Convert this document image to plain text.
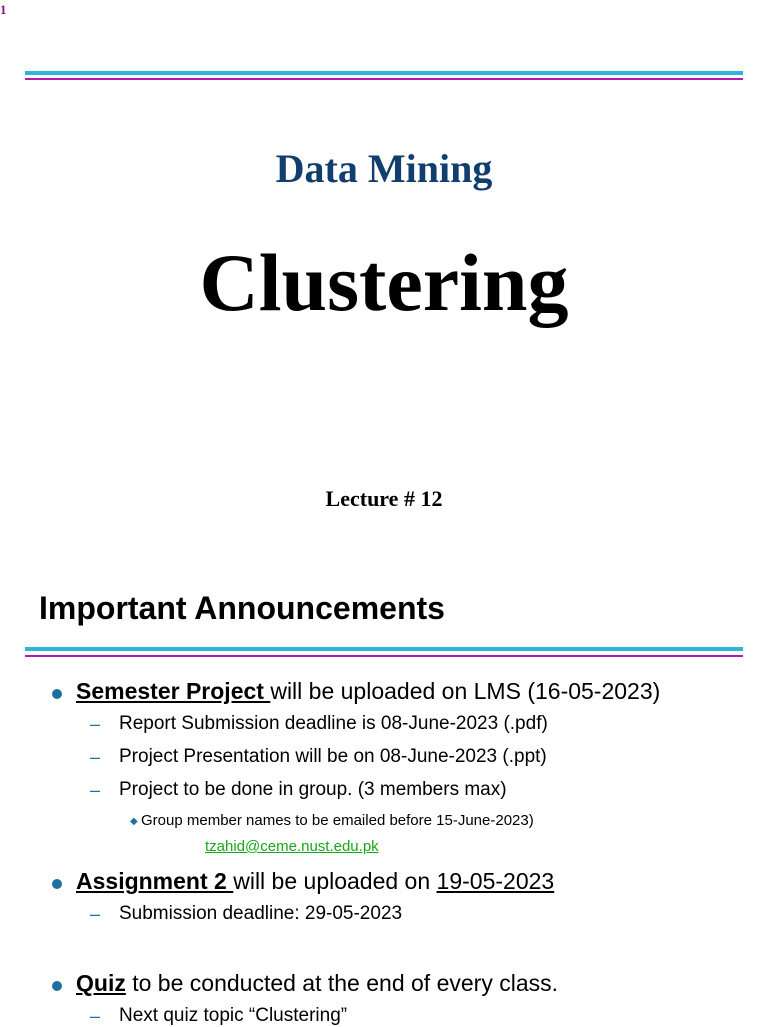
1
Data Mining
Clustering
Lecture # 12
Important Announcements
Semester Project will be uploaded on LMS (16-05-2023)
– Report Submission deadline is 08-June-2023 (.pdf)
– Project Presentation will be on 08-June-2023 (.ppt)
– Project to be done in group. (3 members max)
◆ Group member names to be emailed before 15-June-2023)
tzahid@ceme.nust.edu.pk
Assignment 2 will be uploaded on 19-05-2023
– Submission deadline: 29-05-2023
Quiz to be conducted at the end of every class.
– Next quiz topic “Clustering”
